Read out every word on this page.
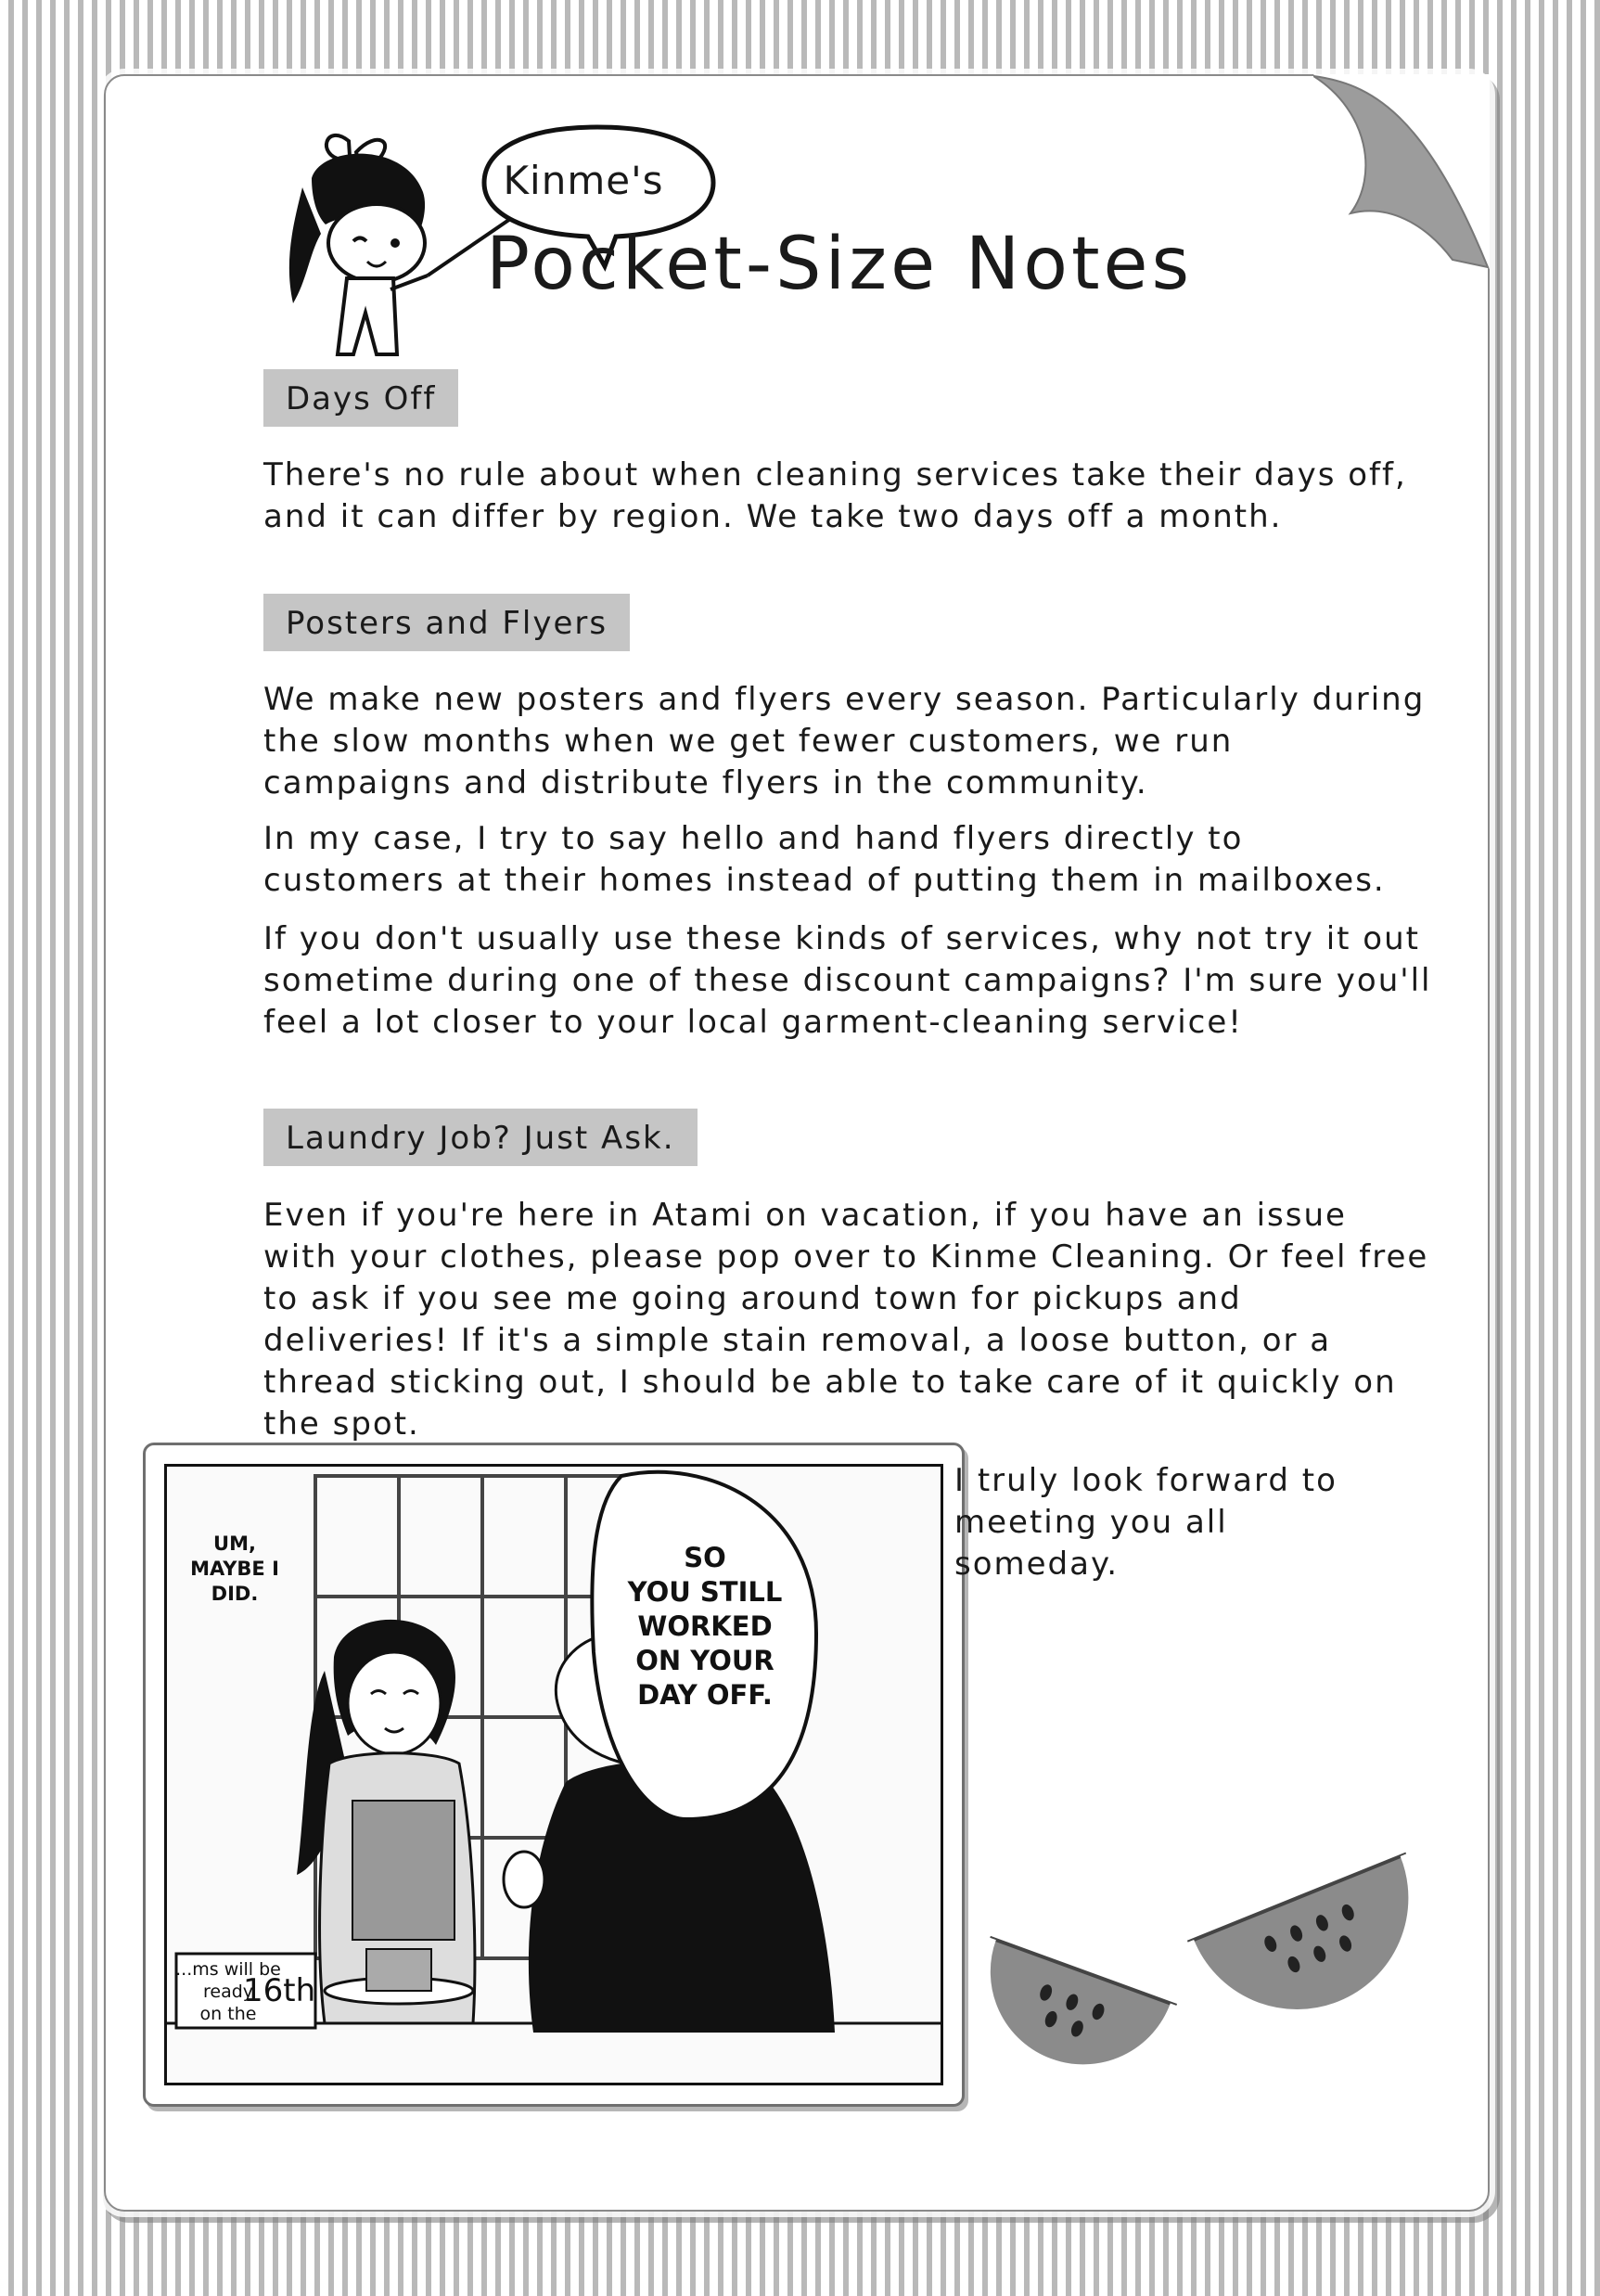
Kinme's
Pocket-Size Notes
Days Off

There's no rule about when cleaning services take their days off, and it can differ by region. We take two days off a month.

Posters and Flyers

We make new posters and flyers every season. Particularly during the slow months when we get fewer customers, we run campaigns and distribute flyers in the community.

In my case, I try to say hello and hand flyers directly to customers at their homes instead of putting them in mailboxes.

If you don't usually use these kinds of services, why not try it out sometime during one of these discount campaigns? I'm sure you'll feel a lot closer to your local garment-cleaning service!

Laundry Job? Just Ask.

Even if you're here in Atami on vacation, if you have an issue with your clothes, please pop over to Kinme Cleaning. Or feel free to ask if you see me going around town for pickups and deliveries! If it's a simple stain removal, a loose button, or a thread sticking out, I should be able to take care of it quickly on the spot.

UM,
MAYBE I
DID.
SO
YOU STILL
WORKED
ON YOUR
DAY OFF.
...ms will be ready
on the
16th

I truly look forward to meeting you all someday.
